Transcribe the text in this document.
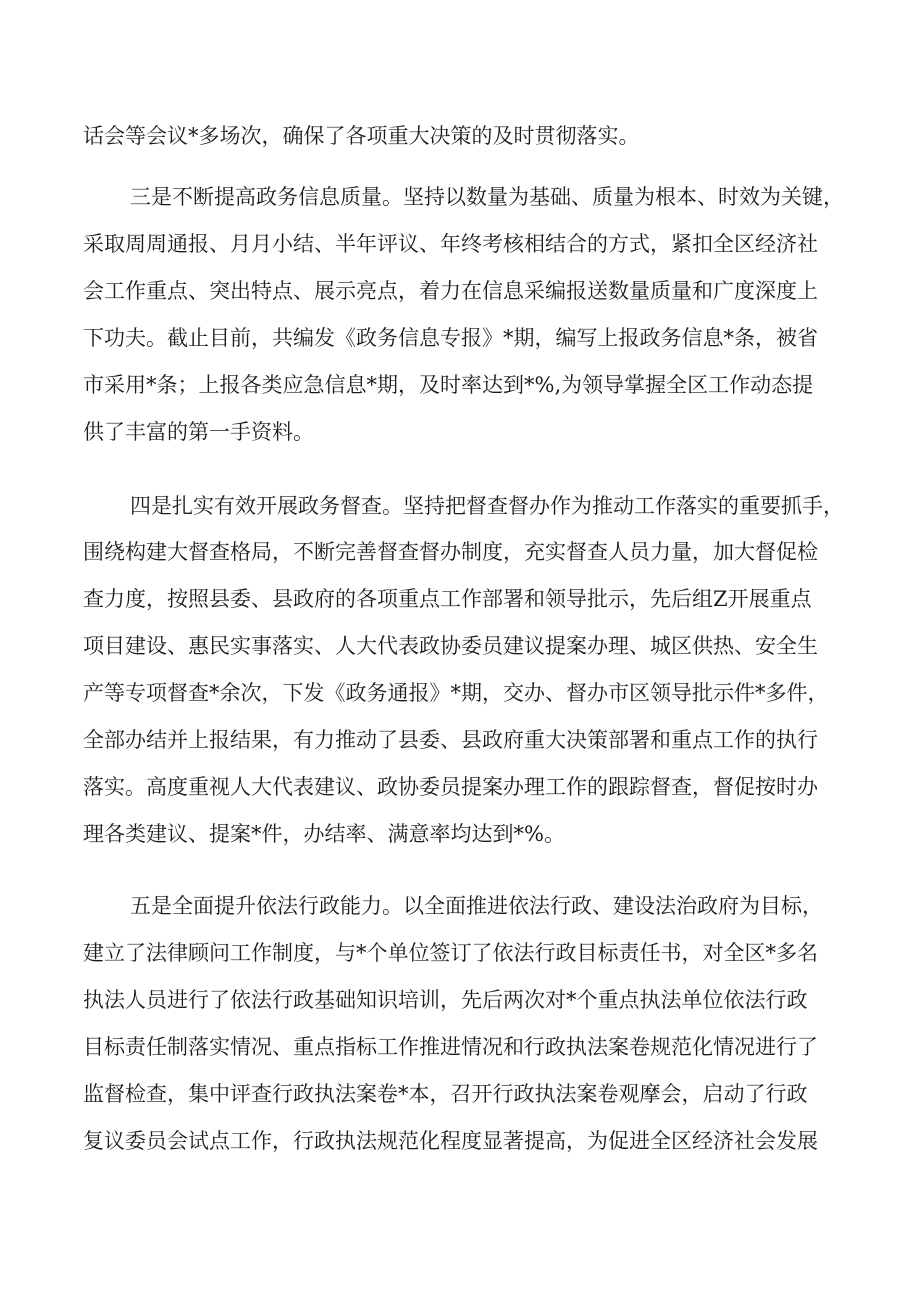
话会等会议*多场次，确保了各项重大决策的及时贯彻落实。
三是不断提高政务信息质量。坚持以数量为基础、质量为根本、时效为关键，
采取周周通报、月月小结、半年评议、年终考核相结合的方式，紧扣全区经济社
会工作重点、突出特点、展示亮点，着力在信息采编报送数量质量和广度深度上
下功夫。截止目前，共编发《政务信息专报》*期，编写上报政务信息*条，被省
市采用*条；上报各类应急信息*期，及时率达到*%,为领导掌握全区工作动态提
供了丰富的第一手资料。
四是扎实有效开展政务督查。坚持把督查督办作为推动工作落实的重要抓手，
围绕构建大督查格局，不断完善督查督办制度，充实督查人员力量，加大督促检
查力度，按照县委、县政府的各项重点工作部署和领导批示，先后组Z开展重点
项目建设、惠民实事落实、人大代表政协委员建议提案办理、城区供热、安全生
产等专项督查*余次，下发《政务通报》*期，交办、督办市区领导批示件*多件，
全部办结并上报结果，有力推动了县委、县政府重大决策部署和重点工作的执行
落实。高度重视人大代表建议、政协委员提案办理工作的跟踪督查，督促按时办
理各类建议、提案*件，办结率、满意率均达到*%。
五是全面提升依法行政能力。以全面推进依法行政、建设法治政府为目标，
建立了法律顾问工作制度，与*个单位签订了依法行政目标责任书，对全区*多名
执法人员进行了依法行政基础知识培训，先后两次对*个重点执法单位依法行政
目标责任制落实情况、重点指标工作推进情况和行政执法案卷规范化情况进行了
监督检查，集中评查行政执法案卷*本，召开行政执法案卷观摩会，启动了行政
复议委员会试点工作，行政执法规范化程度显著提高，为促进全区经济社会发展
